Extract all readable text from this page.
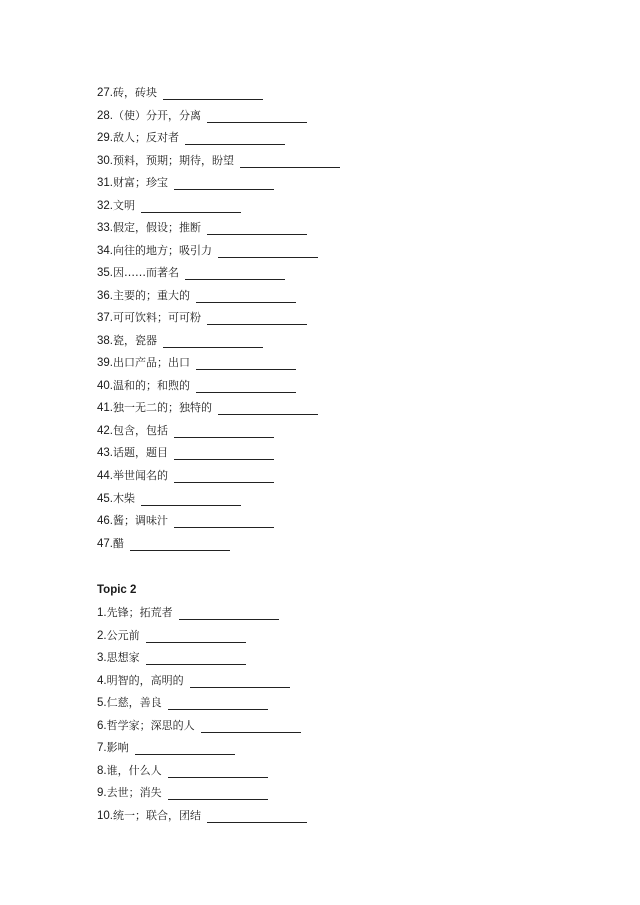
27. 砖，砖块
28. （使）分开，分离
29. 敌人；反对者
30. 预料，预期；期待，盼望
31. 财富；珍宝
32. 文明
33. 假定，假设；推断
34. 向往的地方；吸引力
35. 因……而著名
36. 主要的；重大的
37. 可可饮料；可可粉
38. 瓷，瓷器
39. 出口产品；出口
40. 温和的；和煦的
41. 独一无二的；独特的
42. 包含，包括
43. 话题，题目
44. 举世闻名的
45. 木柴
46. 酱；调味汁
47. 醋
Topic 2
1. 先锋；拓荒者
2. 公元前
3. 思想家
4. 明智的，高明的
5. 仁慈，善良
6. 哲学家；深思的人
7. 影响
8. 谁，什么人
9. 去世；消失
10. 统一；联合，团结
